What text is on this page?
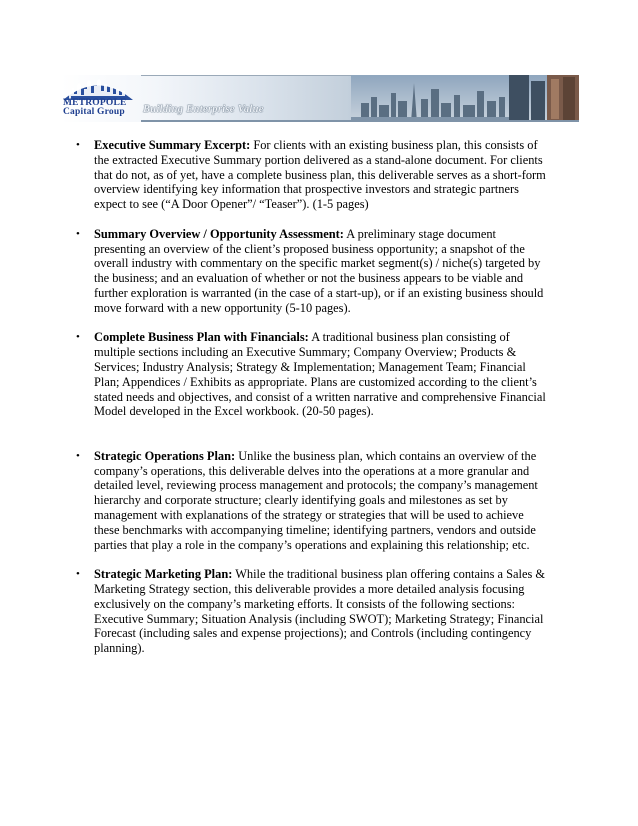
METROPOLE
Capital Group	Building Enterprise Value

• Executive Summary Excerpt: For clients with an existing business plan, this consists of the extracted Executive Summary portion delivered as a stand-alone document. For clients that do not, as of yet, have a complete business plan, this deliverable serves as a short-form overview identifying key information that prospective investors and strategic partners expect to see (“A Door Opener”/ “Teaser”). (1-5 pages)

• Summary Overview / Opportunity Assessment: A preliminary stage document presenting an overview of the client’s proposed business opportunity; a snapshot of the overall industry with commentary on the specific market segment(s) / niche(s) targeted by the business; and an evaluation of whether or not the business appears to be viable and further exploration is warranted (in the case of a start-up), or if an existing business should move forward with a new opportunity (5-10 pages).

• Complete Business Plan with Financials: A traditional business plan consisting of multiple sections including an Executive Summary; Company Overview; Products & Services; Industry Analysis; Strategy & Implementation; Management Team; Financial Plan; Appendices / Exhibits as appropriate. Plans are customized according to the client’s stated needs and objectives, and consist of a written narrative and comprehensive Financial Model developed in the Excel workbook. (20-50 pages).

• Strategic Operations Plan: Unlike the business plan, which contains an overview of the company’s operations, this deliverable delves into the operations at a more granular and detailed level, reviewing process management and protocols; the company’s management hierarchy and corporate structure; clearly identifying goals and milestones as set by management with explanations of the strategy or strategies that will be used to achieve these benchmarks with accompanying timeline; identifying partners, vendors and outside parties that play a role in the company’s operations and explaining this relationship; etc.

• Strategic Marketing Plan: While the traditional business plan offering contains a Sales & Marketing Strategy section, this deliverable provides a more detailed analysis focusing exclusively on the company’s marketing efforts. It consists of the following sections: Executive Summary; Situation Analysis (including SWOT); Marketing Strategy; Financial Forecast (including sales and expense projections); and Controls (including contingency planning).
